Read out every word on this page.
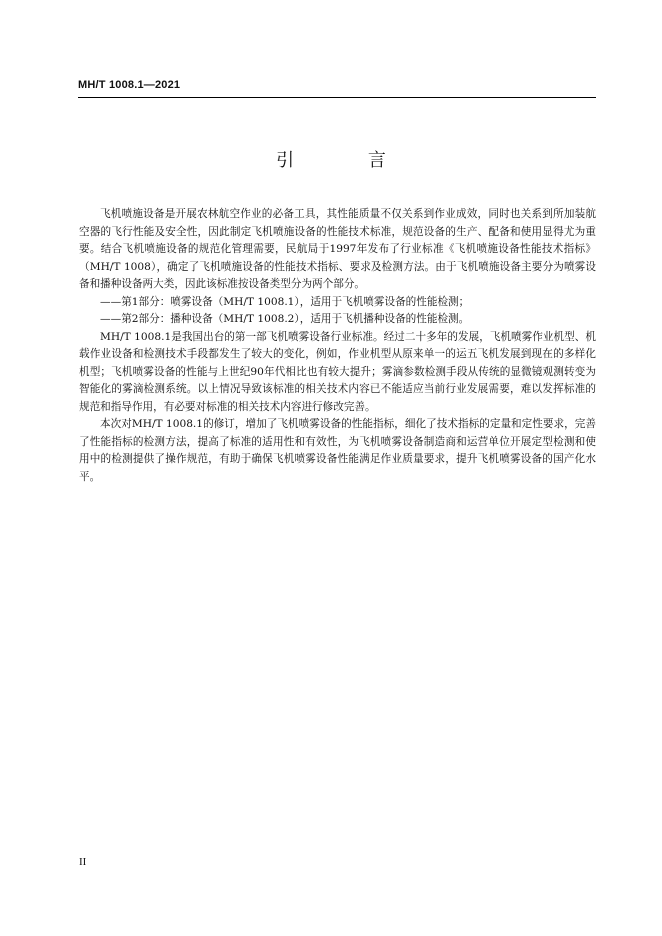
MH/T 1008.1—2021
引 言

飞机喷施设备是开展农林航空作业的必备工具，其性能质量不仅关系到作业成效，同时也关系到所加装航空器的飞行性能及安全性，因此制定飞机喷施设备的性能技术标准，规范设备的生产、配备和使用显得尤为重要。结合飞机喷施设备的规范化管理需要，民航局于1997年发布了行业标准《飞机喷施设备性能技术指标》（MH/T 1008），确定了飞机喷施设备的性能技术指标、要求及检测方法。由于飞机喷施设备主要分为喷雾设备和播种设备两大类，因此该标准按设备类型分为两个部分。

——第1部分：喷雾设备（MH/T 1008.1），适用于飞机喷雾设备的性能检测；

——第2部分：播种设备（MH/T 1008.2），适用于飞机播种设备的性能检测。

MH/T 1008.1是我国出台的第一部飞机喷雾设备行业标准。经过二十多年的发展，飞机喷雾作业机型、机载作业设备和检测技术手段都发生了较大的变化，例如，作业机型从原来单一的运五飞机发展到现在的多样化机型；飞机喷雾设备的性能与上世纪90年代相比也有较大提升；雾滴参数检测手段从传统的显微镜观测转变为智能化的雾滴检测系统。以上情况导致该标准的相关技术内容已不能适应当前行业发展需要，难以发挥标准的规范和指导作用，有必要对标准的相关技术内容进行修改完善。

本次对MH/T 1008.1的修订，增加了飞机喷雾设备的性能指标，细化了技术指标的定量和定性要求，完善了性能指标的检测方法，提高了标准的适用性和有效性，为飞机喷雾设备制造商和运营单位开展定型检测和使用中的检测提供了操作规范，有助于确保飞机喷雾设备性能满足作业质量要求，提升飞机喷雾设备的国产化水平。

II
